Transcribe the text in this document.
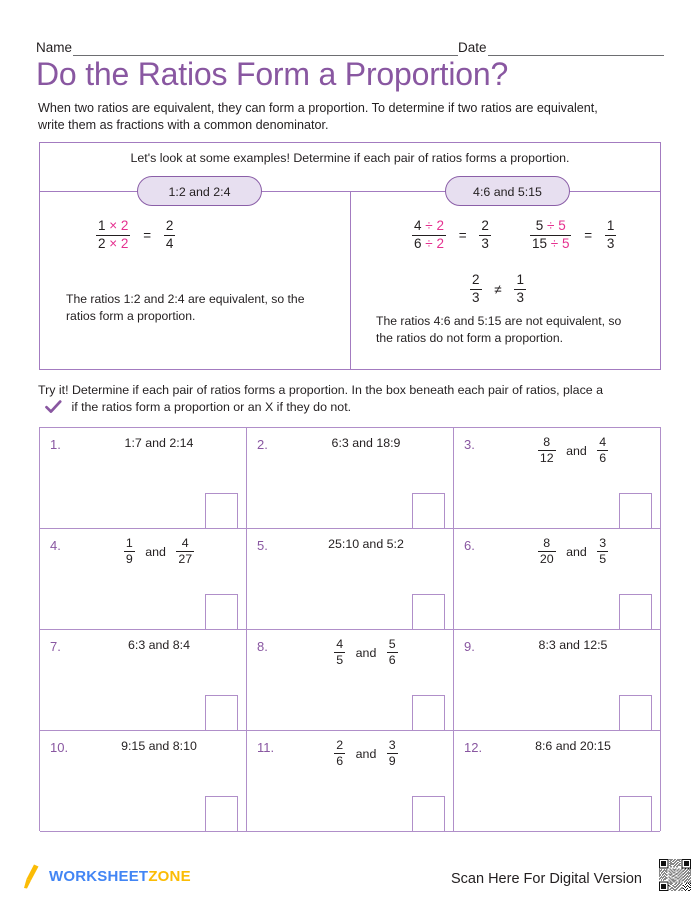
Name	Date
Do the Ratios Form a Proportion?
When two ratios are equivalent, they can form a proportion. To determine if two ratios are equivalent, write them as fractions with a common denominator.
Let's look at some examples! Determine if each pair of ratios forms a proportion.
1:2 and 2:4	4:6 and 5:15
$\frac{1 \times 2}{2 \times 2} = \frac{2}{4}$
The ratios 1:2 and 2:4 are equivalent, so the ratios form a proportion.
$\frac{4 \div 2}{6 \div 2} = \frac{2}{3}$	$\frac{5 \div 5}{15 \div 5} = \frac{1}{3}$
$\frac{2}{3} \ne \frac{1}{3}$
The ratios 4:6 and 5:15 are not equivalent, so the ratios do not form a proportion.
Try it! Determine if each pair of ratios forms a proportion. In the box beneath each pair of ratios, place a  if the ratios form a proportion or an X if they do not.
1.	1:7 and 2:14	2.	6:3 and 18:9	3.	$\frac{8}{12}$ and $\frac{4}{6}$
4.	$\frac{1}{9}$ and $\frac{4}{27}$	5.	25:10 and 5:2	6.	$\frac{8}{20}$ and $\frac{3}{5}$
7.	6:3 and 8:4	8.	$\frac{4}{5}$ and $\frac{5}{6}$	9.	8:3 and 12:5
10.	9:15 and 8:10	11.	$\frac{2}{6}$ and $\frac{3}{9}$	12.	8:6 and 20:15
WORKSHEETZONE	Scan Here For Digital Version
